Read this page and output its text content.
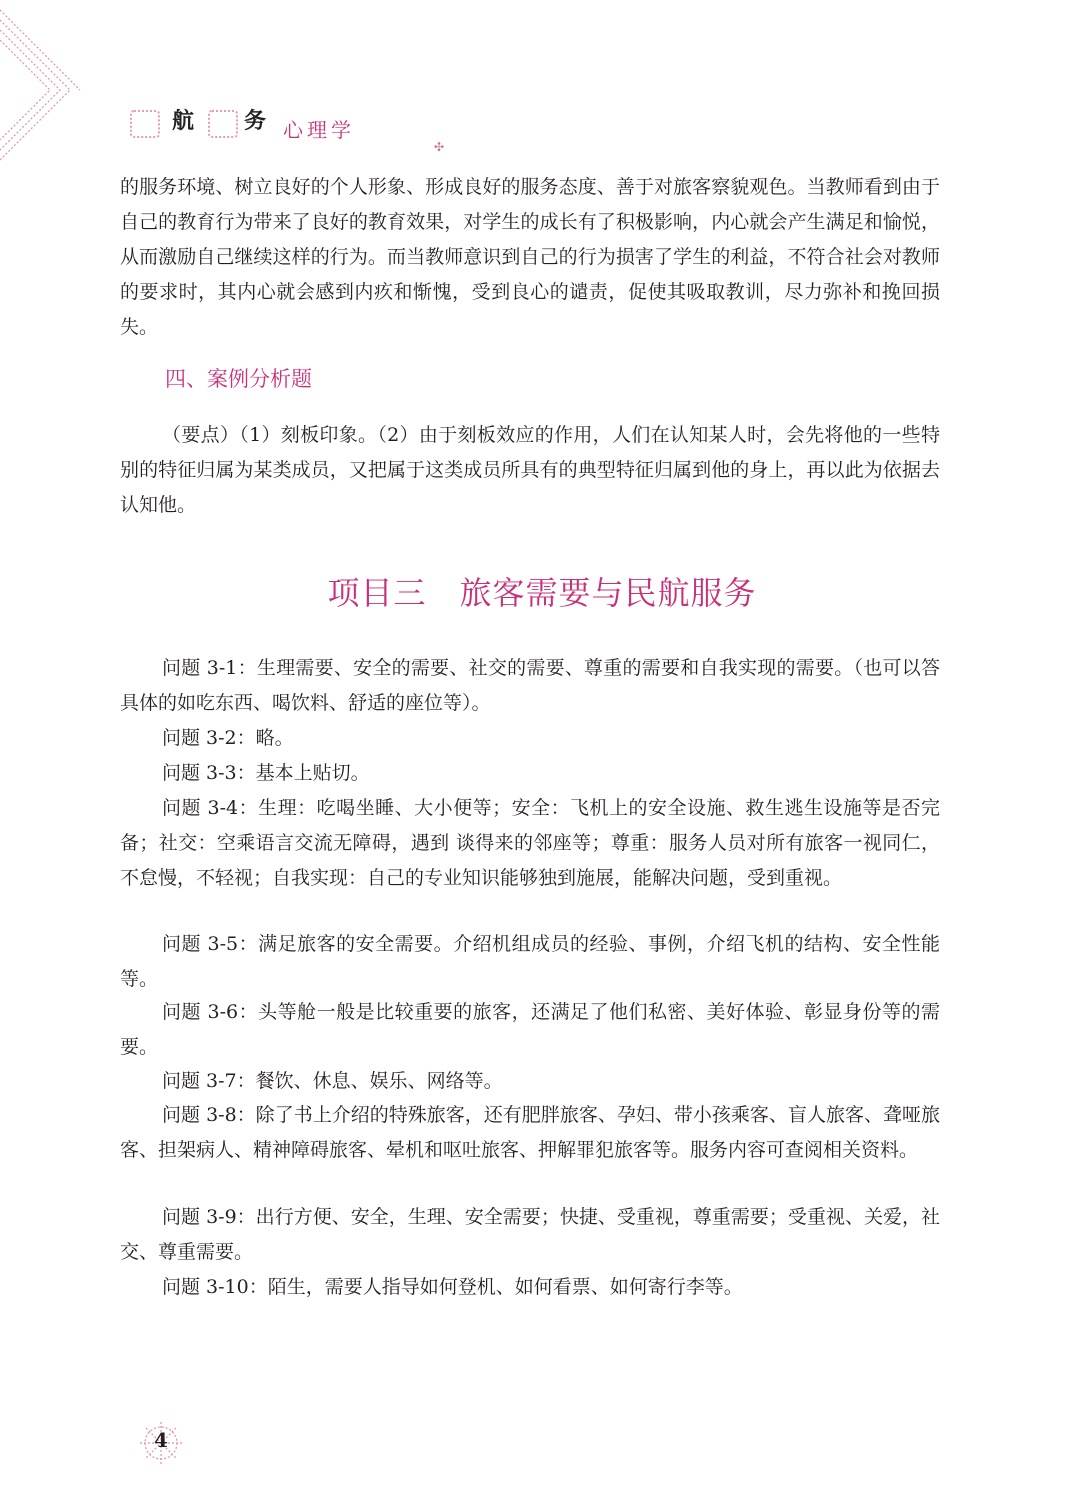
航 务 心理学
✣

的服务环境、树立良好的个人形象、形成良好的服务态度、善于对旅客察貌观色。当教师看到由于自己的教育行为带来了良好的教育效果，对学生的成长有了积极影响，内心就会产生满足和愉悦，从而激励自己继续这样的行为。而当教师意识到自己的行为损害了学生的利益，不符合社会对教师的要求时，其内心就会感到内疚和惭愧，受到良心的谴责，促使其吸取教训，尽力弥补和挽回损失。

四、案例分析题

（要点）（1）刻板印象。（2）由于刻板效应的作用，人们在认知某人时，会先将他的一些特别的特征归属为某类成员，又把属于这类成员所具有的典型特征归属到他的身上，再以此为依据去认知他。

项目三　旅客需要与民航服务

问题 3-1：生理需要、安全的需要、社交的需要、尊重的需要和自我实现的需要。（也可以答具体的如吃东西、喝饮料、舒适的座位等）。

问题 3-2：略。

问题 3-3：基本上贴切。

问题 3-4：生理：吃喝坐睡、大小便等；安全：飞机上的安全设施、救生逃生设施等是否完备；社交：空乘语言交流无障碍，遇到 谈得来的邻座等；尊重：服务人员对所有旅客一视同仁，不怠慢，不轻视；自我实现：自己的专业知识能够独到施展，能解决问题，受到重视。

问题 3-5：满足旅客的安全需要。介绍机组成员的经验、事例，介绍飞机的结构、安全性能等。

问题 3-6：头等舱一般是比较重要的旅客，还满足了他们私密、美好体验、彰显身份等的需要。

问题 3-7：餐饮、休息、娱乐、网络等。

问题 3-8：除了书上介绍的特殊旅客，还有肥胖旅客、孕妇、带小孩乘客、盲人旅客、聋哑旅客、担架病人、精神障碍旅客、晕机和呕吐旅客、押解罪犯旅客等。服务内容可查阅相关资料。

问题 3-9：出行方便、安全，生理、安全需要；快捷、受重视，尊重需要；受重视、关爱，社交、尊重需要。

问题 3-10：陌生，需要人指导如何登机、如何看票、如何寄行李等。

4
